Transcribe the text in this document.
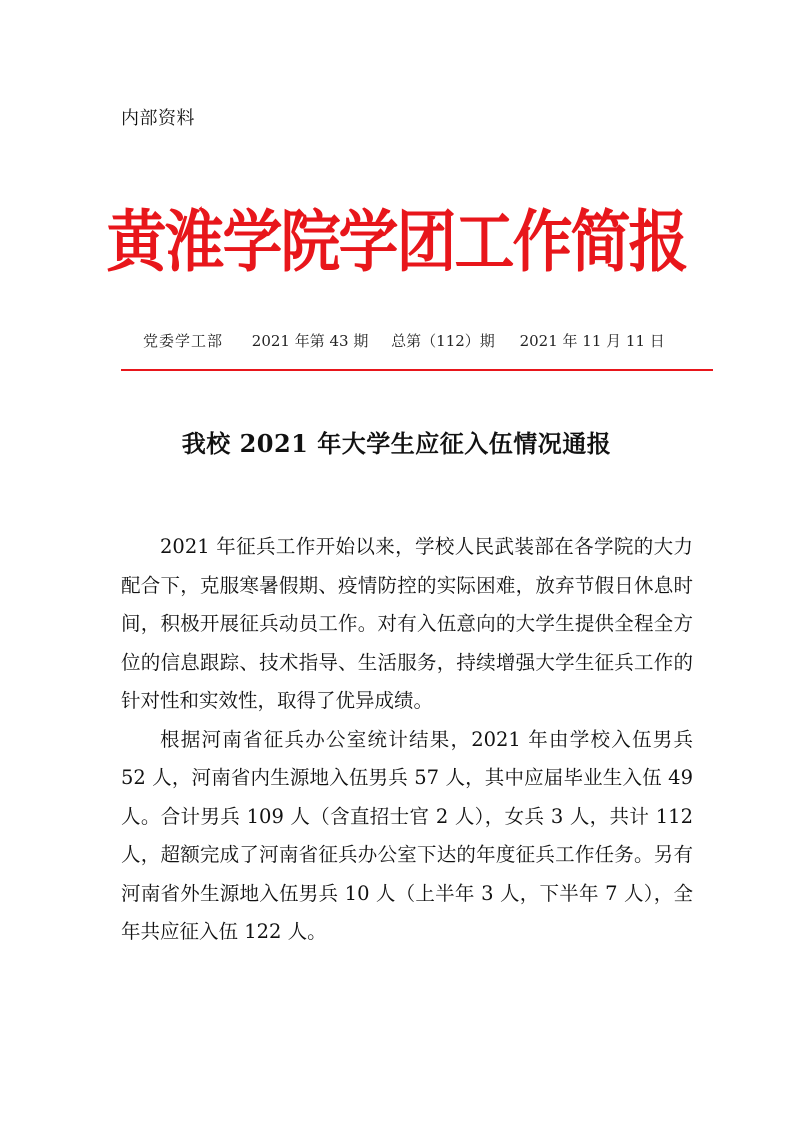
内部资料
黄淮学院学团工作简报
党委学工部 2021 年第 43 期 总第（112）期 2021 年 11 月 11 日
我校 2021 年大学生应征入伍情况通报

2021 年征兵工作开始以来，学校人民武装部在各学院的大力配合下，克服寒暑假期、疫情防控的实际困难，放弃节假日休息时间，积极开展征兵动员工作。对有入伍意向的大学生提供全程全方位的信息跟踪、技术指导、生活服务，持续增强大学生征兵工作的针对性和实效性，取得了优异成绩。

根据河南省征兵办公室统计结果，2021 年由学校入伍男兵 52 人，河南省内生源地入伍男兵 57 人，其中应届毕业生入伍 49 人。合计男兵 109 人（含直招士官 2 人），女兵 3 人，共计 112 人，超额完成了河南省征兵办公室下达的年度征兵工作任务。另有河南省外生源地入伍男兵 10 人（上半年 3 人，下半年 7 人），全年共应征入伍 122 人。
